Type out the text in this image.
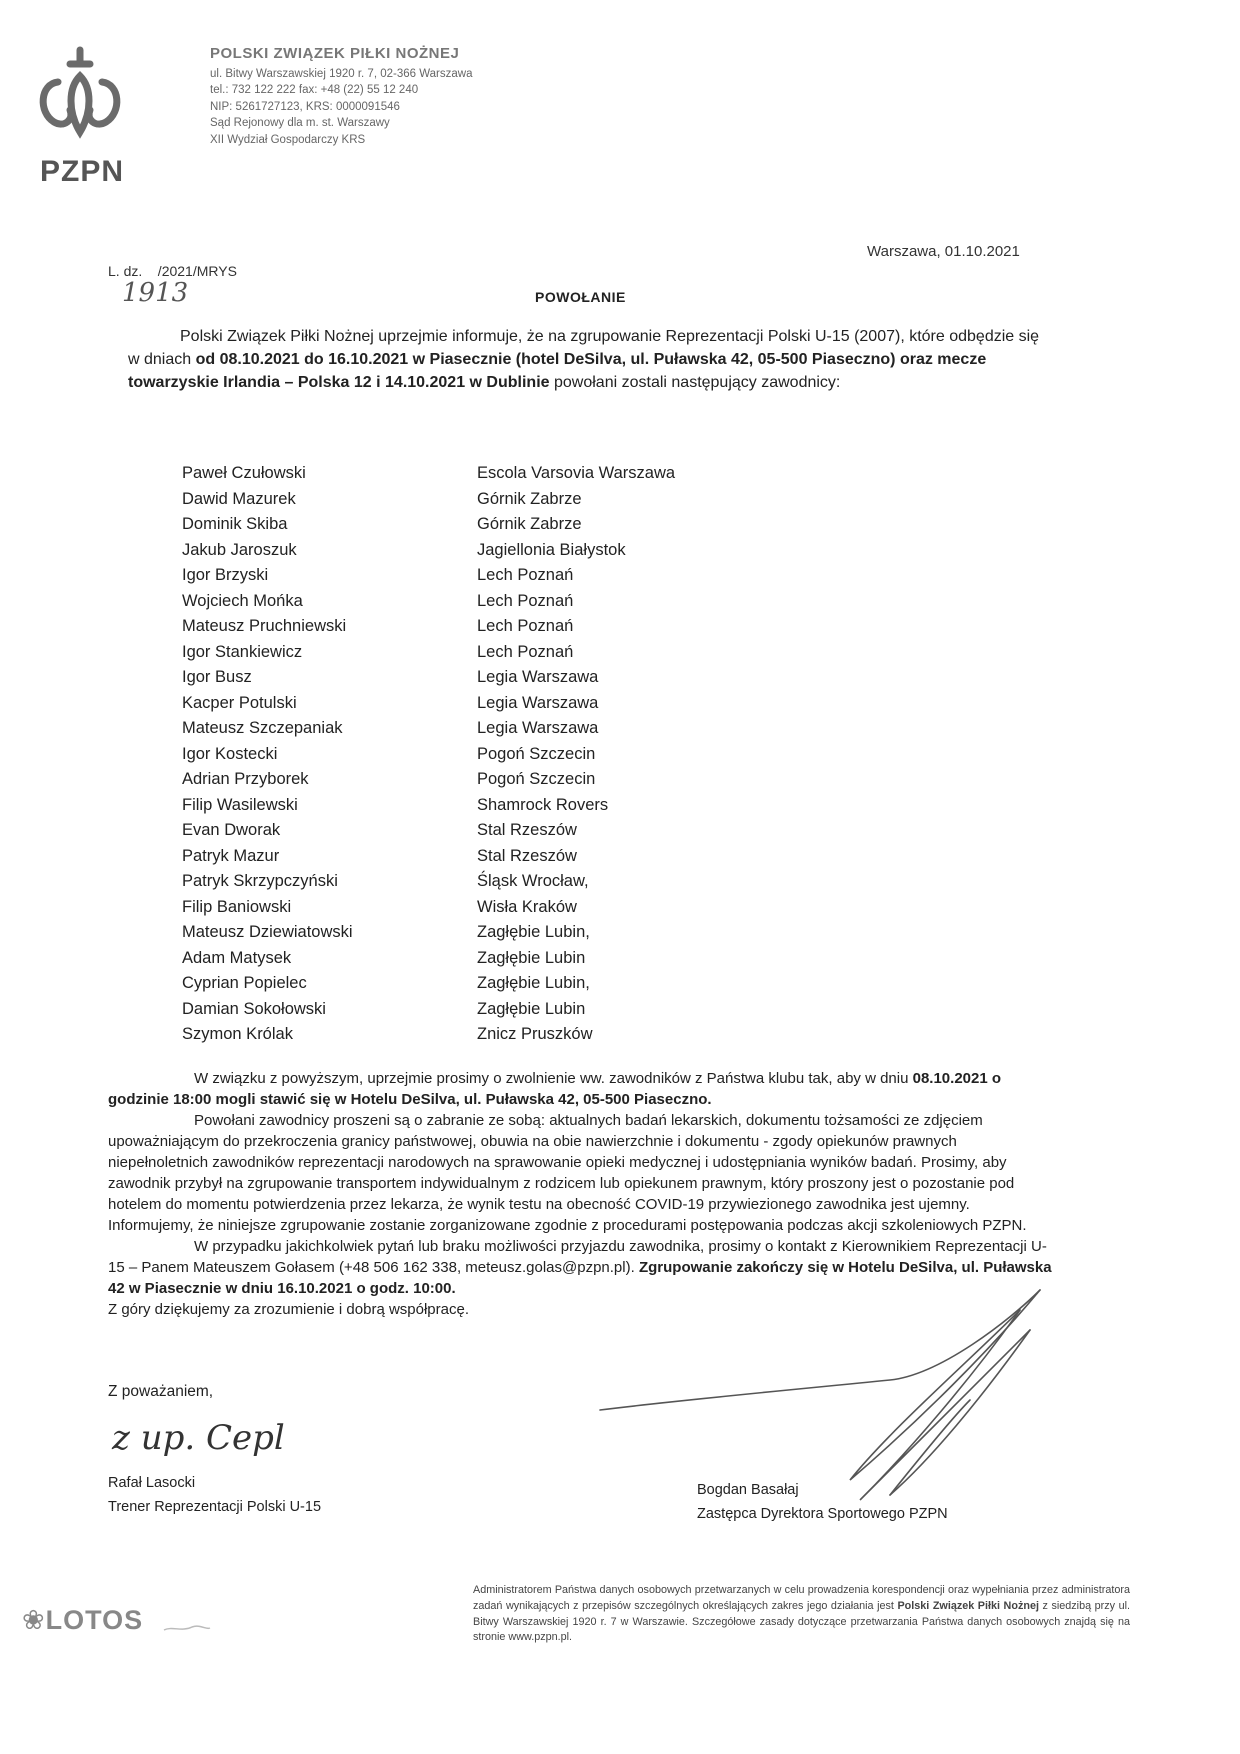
PZPN
POLSKI ZWIĄZEK PIŁKI NOŻNEJ
ul. Bitwy Warszawskiej 1920 r. 7, 02-366 Warszawa
tel.: 732 122 222 fax: +48 (22) 55 12 240
NIP: 5261727123, KRS: 0000091546
Sąd Rejonowy dla m. st. Warszawy
XII Wydział Gospodarczy KRS
Warszawa, 01.10.2021
L. dz.    /2021/MRYS
1913	POWOŁANIE

Polski Związek Piłki Nożnej uprzejmie informuje, że na zgrupowanie Reprezentacji Polski U-15 (2007), które odbędzie się w dniach od 08.10.2021 do 16.10.2021 w Piasecznie (hotel DeSilva, ul. Puławska 42, 05-500 Piaseczno) oraz mecze towarzyskie Irlandia – Polska 12 i 14.10.2021 w Dublinie powołani zostali następujący zawodnicy:

Paweł Czułowski	Escola Varsovia Warszawa
Dawid Mazurek	Górnik Zabrze
Dominik Skiba	Górnik Zabrze
Jakub Jaroszuk	Jagiellonia Białystok
Igor Brzyski	Lech Poznań
Wojciech Mońka	Lech Poznań
Mateusz Pruchniewski	Lech Poznań
Igor Stankiewicz	Lech Poznań
Igor Busz	Legia Warszawa
Kacper Potulski	Legia Warszawa
Mateusz Szczepaniak	Legia Warszawa
Igor Kostecki	Pogoń Szczecin
Adrian Przyborek	Pogoń Szczecin
Filip Wasilewski	Shamrock Rovers
Evan Dworak	Stal Rzeszów
Patryk Mazur	Stal Rzeszów
Patryk Skrzypczyński	Śląsk Wrocław,
Filip Baniowski	Wisła Kraków
Mateusz Dziewiatowski	Zagłębie Lubin,
Adam Matysek	Zagłębie Lubin
Cyprian Popielec	Zagłębie Lubin,
Damian Sokołowski	Zagłębie Lubin
Szymon Królak	Znicz Pruszków

W związku z powyższym, uprzejmie prosimy o zwolnienie ww. zawodników z Państwa klubu tak, aby w dniu 08.10.2021 o godzinie 18:00 mogli stawić się w Hotelu DeSilva, ul. Puławska 42, 05-500 Piaseczno.

Powołani zawodnicy proszeni są o zabranie ze sobą: aktualnych badań lekarskich, dokumentu tożsamości ze zdjęciem upoważniającym do przekroczenia granicy państwowej, obuwia na obie nawierzchnie i dokumentu - zgody opiekunów prawnych niepełnoletnich zawodników reprezentacji narodowych na sprawowanie opieki medycznej i udostępniania wyników badań. Prosimy, aby zawodnik przybył na zgrupowanie transportem indywidualnym z rodzicem lub opiekunem prawnym, który proszony jest o pozostanie pod hotelem do momentu potwierdzenia przez lekarza, że wynik testu na obecność COVID-19 przywiezionego zawodnika jest ujemny. Informujemy, że niniejsze zgrupowanie zostanie zorganizowane zgodnie z procedurami postępowania podczas akcji szkoleniowych PZPN.

W przypadku jakichkolwiek pytań lub braku możliwości przyjazdu zawodnika, prosimy o kontakt z Kierownikiem Reprezentacji U-15 – Panem Mateuszem Gołasem (+48 506 162 338, meteusz.golas@pzpn.pl). Zgrupowanie zakończy się w Hotelu DeSilva, ul. Puławska 42 w Piasecznie w dniu 16.10.2021 o godz. 10:00.

Z góry dziękujemy za zrozumienie i dobrą współpracę.

Z poważaniem,
z up. Cepl
Rafał Lasocki
Trener Reprezentacji Polski U-15
Bogdan Basałaj
Zastępca Dyrektora Sportowego PZPN
❀LOTOS
Administratorem Państwa danych osobowych przetwarzanych w celu prowadzenia korespondencji oraz wypełniania przez administratora zadań wynikających z przepisów szczególnych określających zakres jego działania jest Polski Związek Piłki Nożnej z siedzibą przy ul. Bitwy Warszawskiej 1920 r. 7 w Warszawie. Szczegółowe zasady dotyczące przetwarzania Państwa danych osobowych znajdą się na stronie www.pzpn.pl.
